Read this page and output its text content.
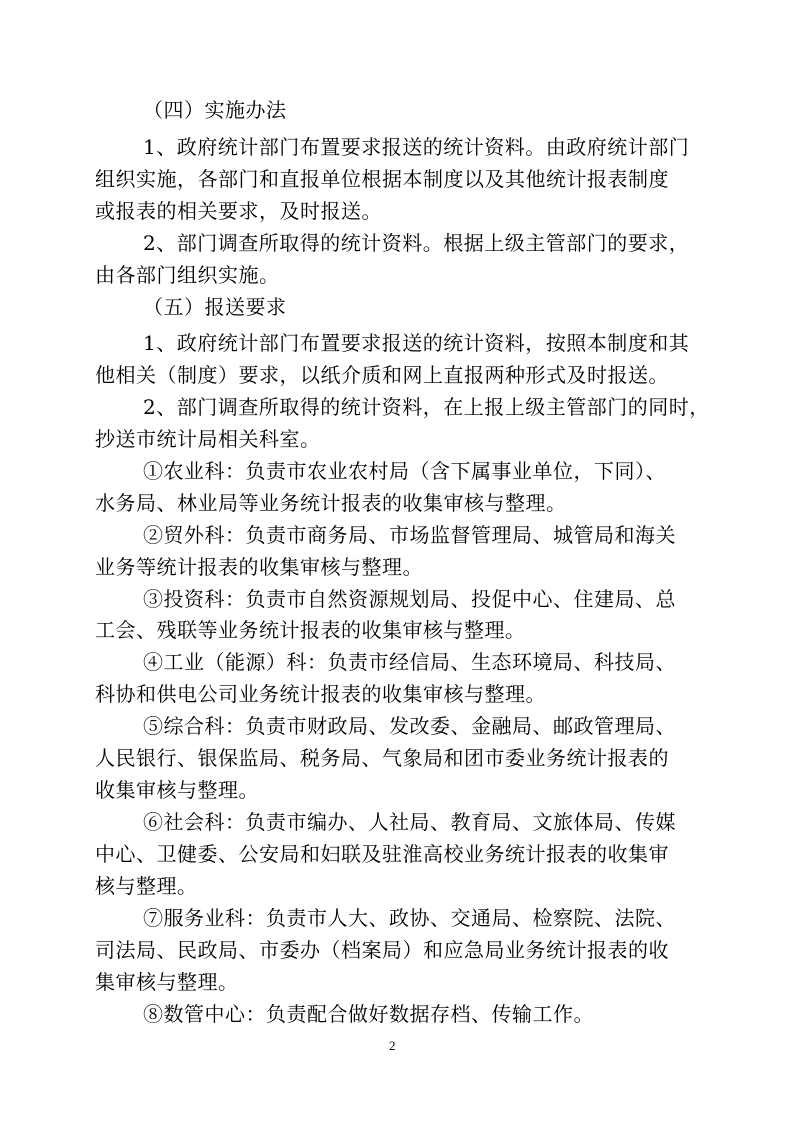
（四）实施办法
1、政府统计部门布置要求报送的统计资料。由政府统计部门
组织实施，各部门和直报单位根据本制度以及其他统计报表制度
或报表的相关要求，及时报送。
2、部门调查所取得的统计资料。根据上级主管部门的要求，
由各部门组织实施。
（五）报送要求
1、政府统计部门布置要求报送的统计资料，按照本制度和其
他相关（制度）要求，以纸介质和网上直报两种形式及时报送。
2、部门调查所取得的统计资料，在上报上级主管部门的同时，
抄送市统计局相关科室。
①农业科：负责市农业农村局（含下属事业单位，下同）、
水务局、林业局等业务统计报表的收集审核与整理。
②贸外科：负责市商务局、市场监督管理局、城管局和海关
业务等统计报表的收集审核与整理。
③投资科：负责市自然资源规划局、投促中心、住建局、总
工会、残联等业务统计报表的收集审核与整理。
④工业（能源）科：负责市经信局、生态环境局、科技局、
科协和供电公司业务统计报表的收集审核与整理。
⑤综合科：负责市财政局、发改委、金融局、邮政管理局、
人民银行、银保监局、税务局、气象局和团市委业务统计报表的
收集审核与整理。
⑥社会科：负责市编办、人社局、教育局、文旅体局、传媒
中心、卫健委、公安局和妇联及驻淮高校业务统计报表的收集审
核与整理。
⑦服务业科：负责市人大、政协、交通局、检察院、法院、
司法局、民政局、市委办（档案局）和应急局业务统计报表的收
集审核与整理。
⑧数管中心：负责配合做好数据存档、传输工作。
2
